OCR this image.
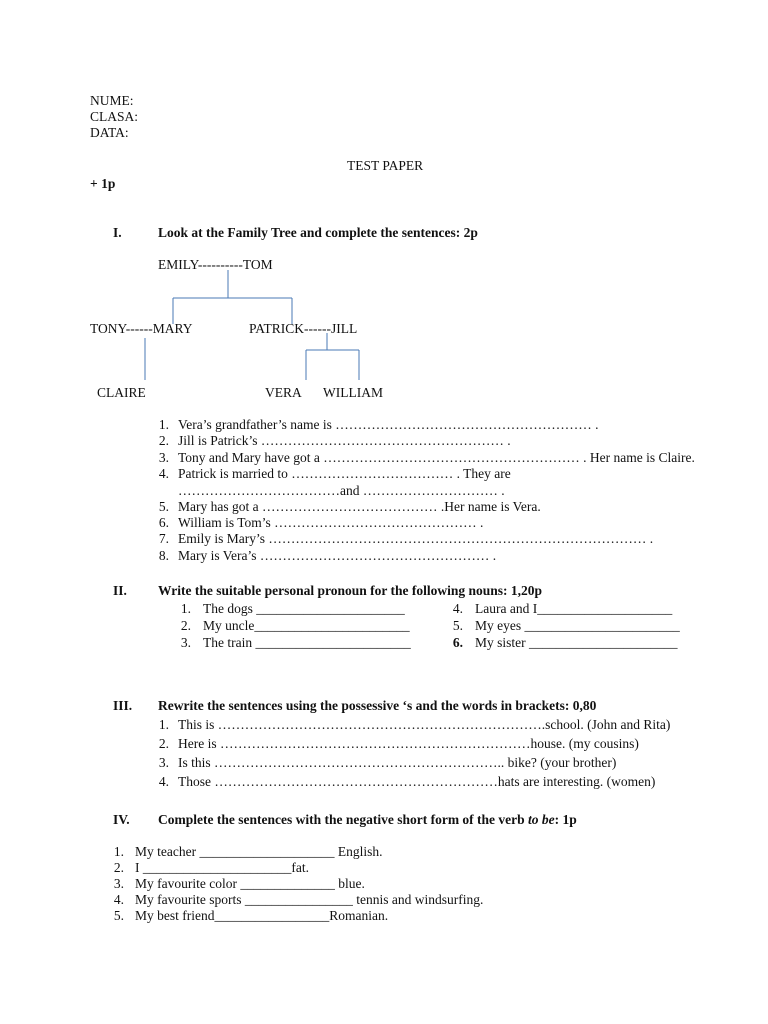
NUME:
CLASA:
DATA:
TEST PAPER
+ 1p
I.	Look at the Family Tree and complete the sentences: 2p
EMILY----------TOM
TONY------MARY	PATRICK------JILL
CLAIRE	VERA WILLIAM
1. Vera’s grandfather’s name is ………………………………………………… .
2. Jill is Patrick’s ……………………………………………… .
3. Tony and Mary have got a ………………………………………………… . Her name is Claire.
4. Patrick is married to ……………………………… . They are
………………………………and ………………………… .
5. Mary has got a ………………………………… .Her name is Vera.
6. William is Tom’s ……………………………………… .
7. Emily is Mary’s ………………………………………………………………………… .
8. Mary is Vera’s …………………………………………… .
II. Write the suitable personal pronoun for the following nouns: 1,20p
1. The dogs ______________________
2. My uncle_______________________
3. The train _______________________
4. Laura and I____________________
5. My eyes _______________________
6. My sister ______________________
III. Rewrite the sentences using the possessive ‘s and the words in brackets: 0,80
1. This is ……………………………………………………………….school. (John and Rita)
2. Here is ……………………………………………………………house. (my cousins)
3. Is this ……………………………………………………….. bike? (your brother)
4. Those ………………………………………………………hats are interesting. (women)
IV. Complete the sentences with the negative short form of the verb to be: 1p
1. My teacher ____________________ English.
2. I ______________________fat.
3. My favourite color ______________ blue.
4. My favourite sports ________________ tennis and windsurfing.
5. My best friend_________________Romanian.
